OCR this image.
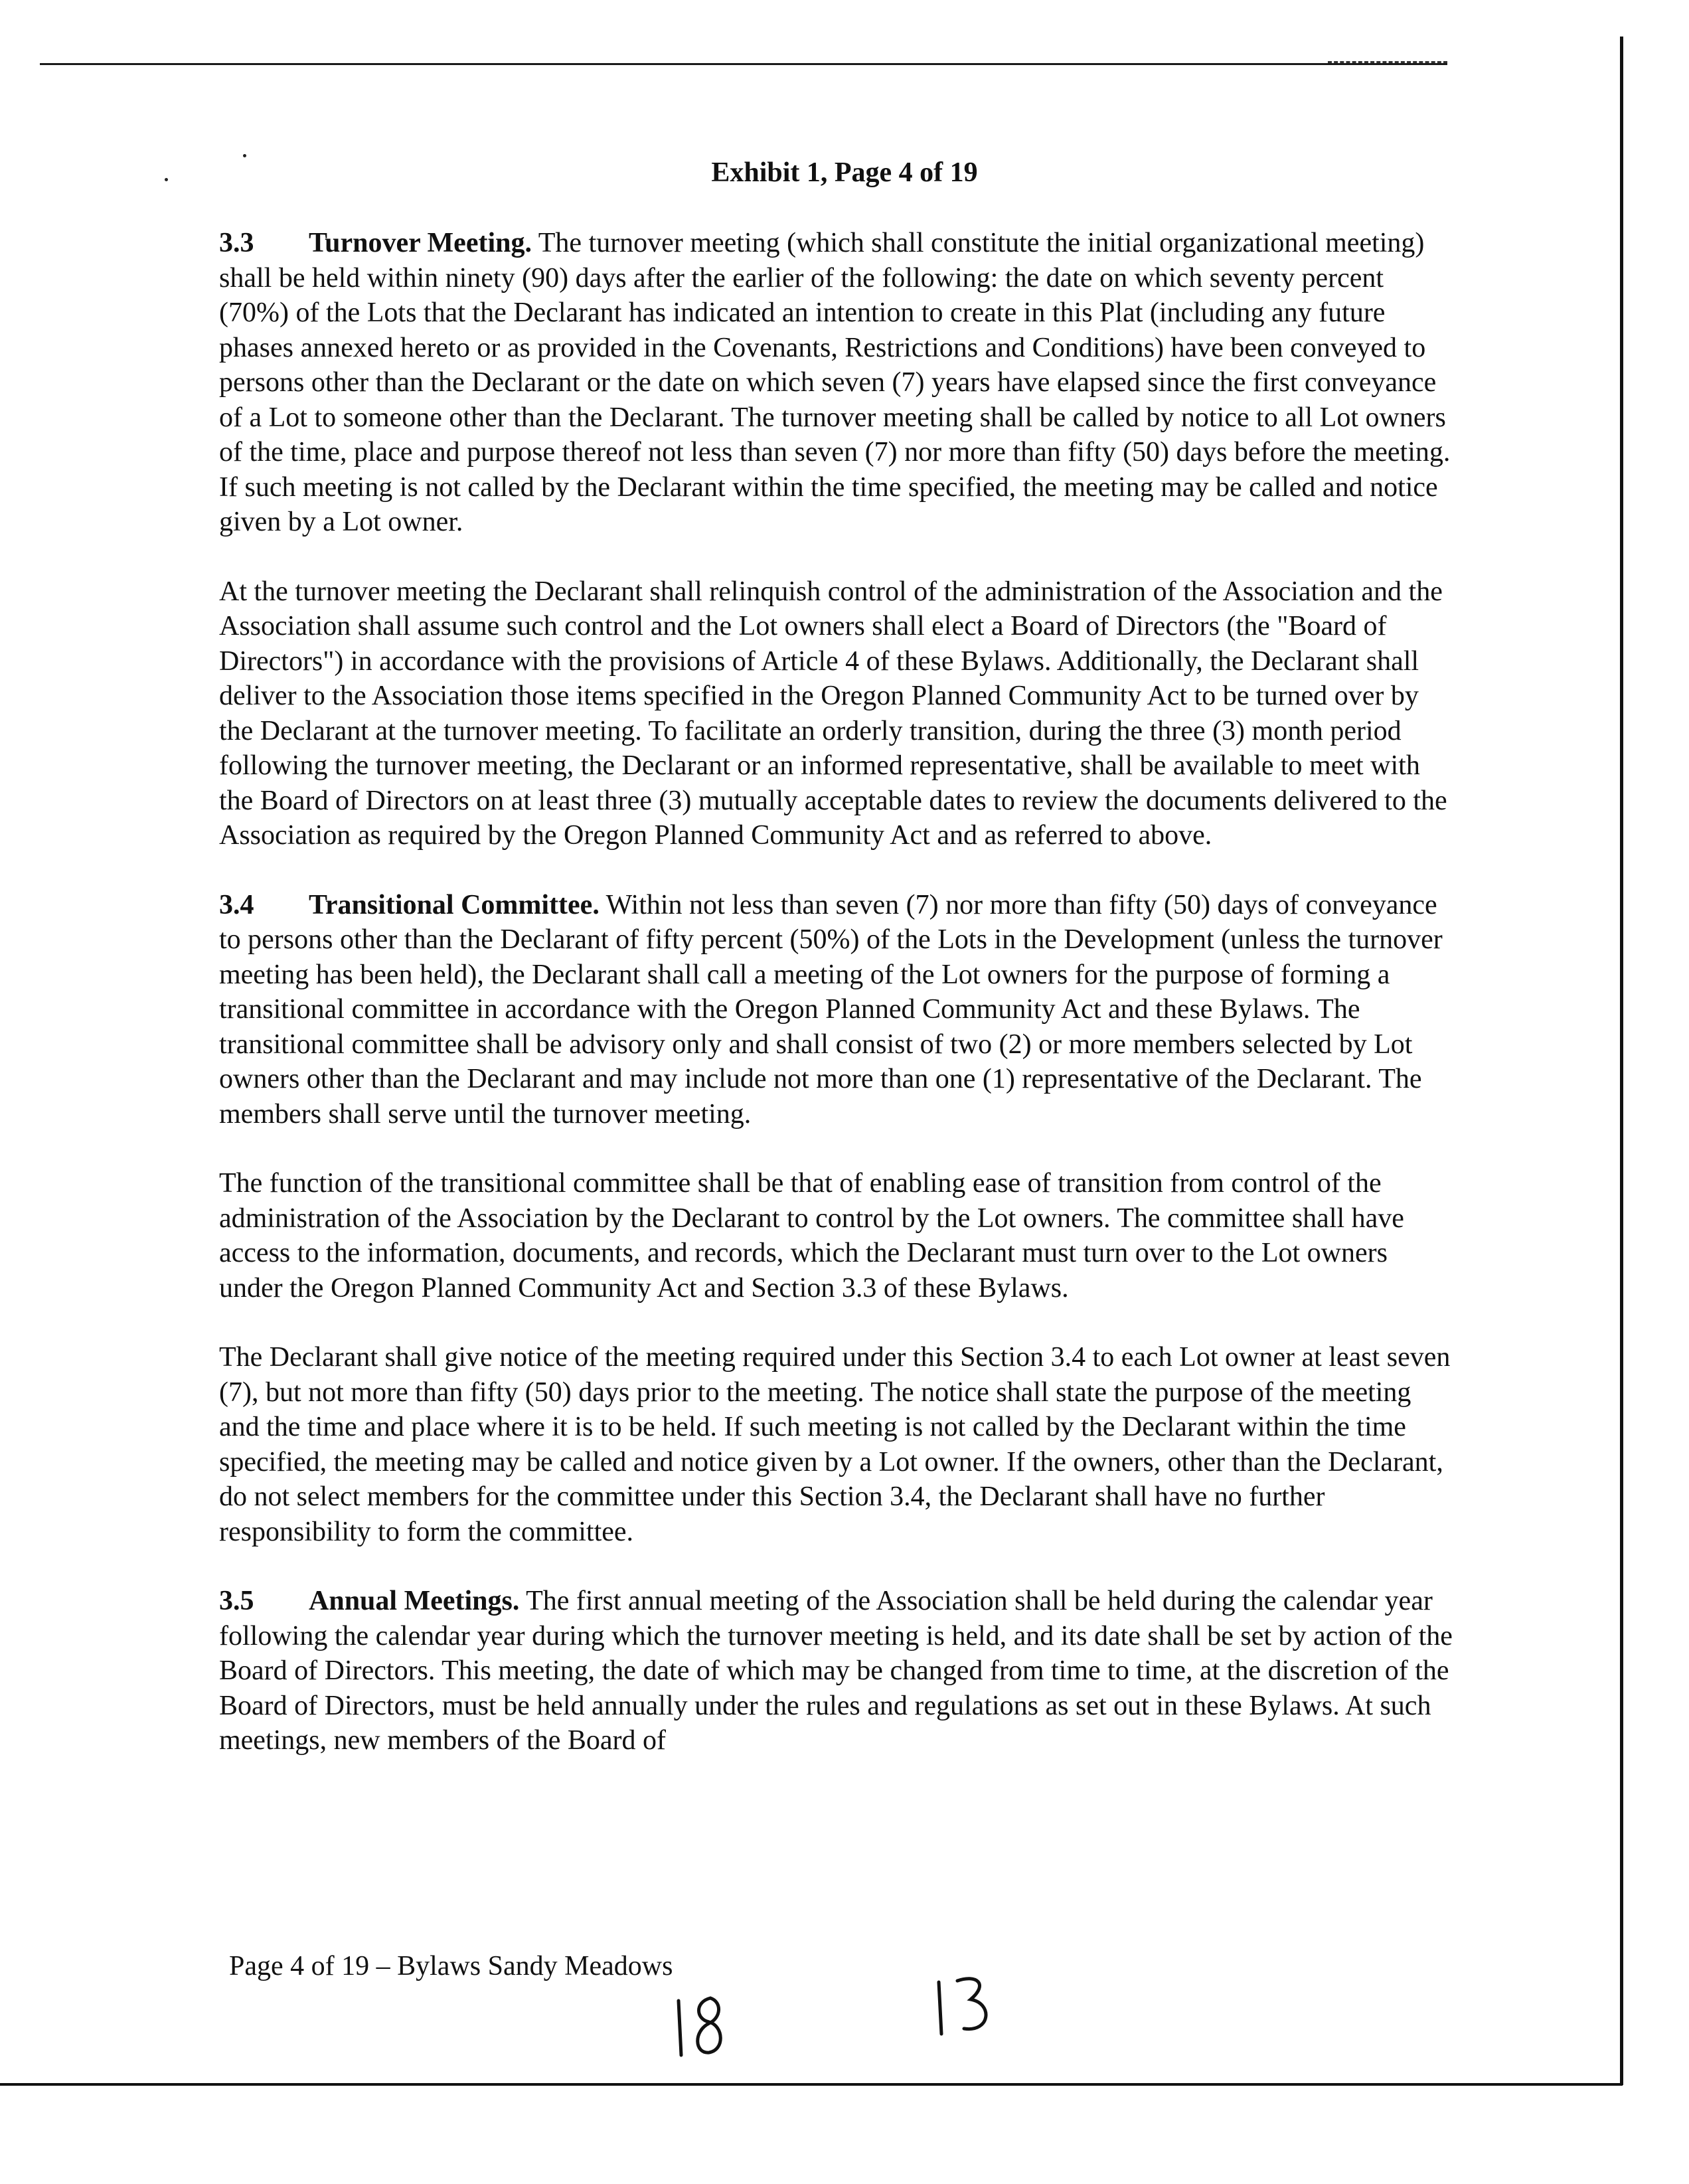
Exhibit 1, Page 4 of 19

3.3 Turnover Meeting. The turnover meeting (which shall constitute the initial organizational meeting) shall be held within ninety (90) days after the earlier of the following: the date on which seventy percent (70%) of the Lots that the Declarant has indicated an intention to create in this Plat (including any future phases annexed hereto or as provided in the Covenants, Restrictions and Conditions) have been conveyed to persons other than the Declarant or the date on which seven (7) years have elapsed since the first conveyance of a Lot to someone other than the Declarant. The turnover meeting shall be called by notice to all Lot owners of the time, place and purpose thereof not less than seven (7) nor more than fifty (50) days before the meeting. If such meeting is not called by the Declarant within the time specified, the meeting may be called and notice given by a Lot owner.

At the turnover meeting the Declarant shall relinquish control of the administration of the Association and the Association shall assume such control and the Lot owners shall elect a Board of Directors (the "Board of Directors") in accordance with the provisions of Article 4 of these Bylaws. Additionally, the Declarant shall deliver to the Association those items specified in the Oregon Planned Community Act to be turned over by the Declarant at the turnover meeting. To facilitate an orderly transition, during the three (3) month period following the turnover meeting, the Declarant or an informed representative, shall be available to meet with the Board of Directors on at least three (3) mutually acceptable dates to review the documents delivered to the Association as required by the Oregon Planned Community Act and as referred to above.

3.4 Transitional Committee. Within not less than seven (7) nor more than fifty (50) days of conveyance to persons other than the Declarant of fifty percent (50%) of the Lots in the Development (unless the turnover meeting has been held), the Declarant shall call a meeting of the Lot owners for the purpose of forming a transitional committee in accordance with the Oregon Planned Community Act and these Bylaws. The transitional committee shall be advisory only and shall consist of two (2) or more members selected by Lot owners other than the Declarant and may include not more than one (1) representative of the Declarant. The members shall serve until the turnover meeting.

The function of the transitional committee shall be that of enabling ease of transition from control of the administration of the Association by the Declarant to control by the Lot owners. The committee shall have access to the information, documents, and records, which the Declarant must turn over to the Lot owners under the Oregon Planned Community Act and Section 3.3 of these Bylaws.

The Declarant shall give notice of the meeting required under this Section 3.4 to each Lot owner at least seven (7), but not more than fifty (50) days prior to the meeting. The notice shall state the purpose of the meeting and the time and place where it is to be held. If such meeting is not called by the Declarant within the time specified, the meeting may be called and notice given by a Lot owner. If the owners, other than the Declarant, do not select members for the committee under this Section 3.4, the Declarant shall have no further responsibility to form the committee.

3.5 Annual Meetings. The first annual meeting of the Association shall be held during the calendar year following the calendar year during which the turnover meeting is held, and its date shall be set by action of the Board of Directors. This meeting, the date of which may be changed from time to time, at the discretion of the Board of Directors, must be held annually under the rules and regulations as set out in these Bylaws. At such meetings, new members of the Board of

Page 4 of 19 – Bylaws Sandy Meadows
